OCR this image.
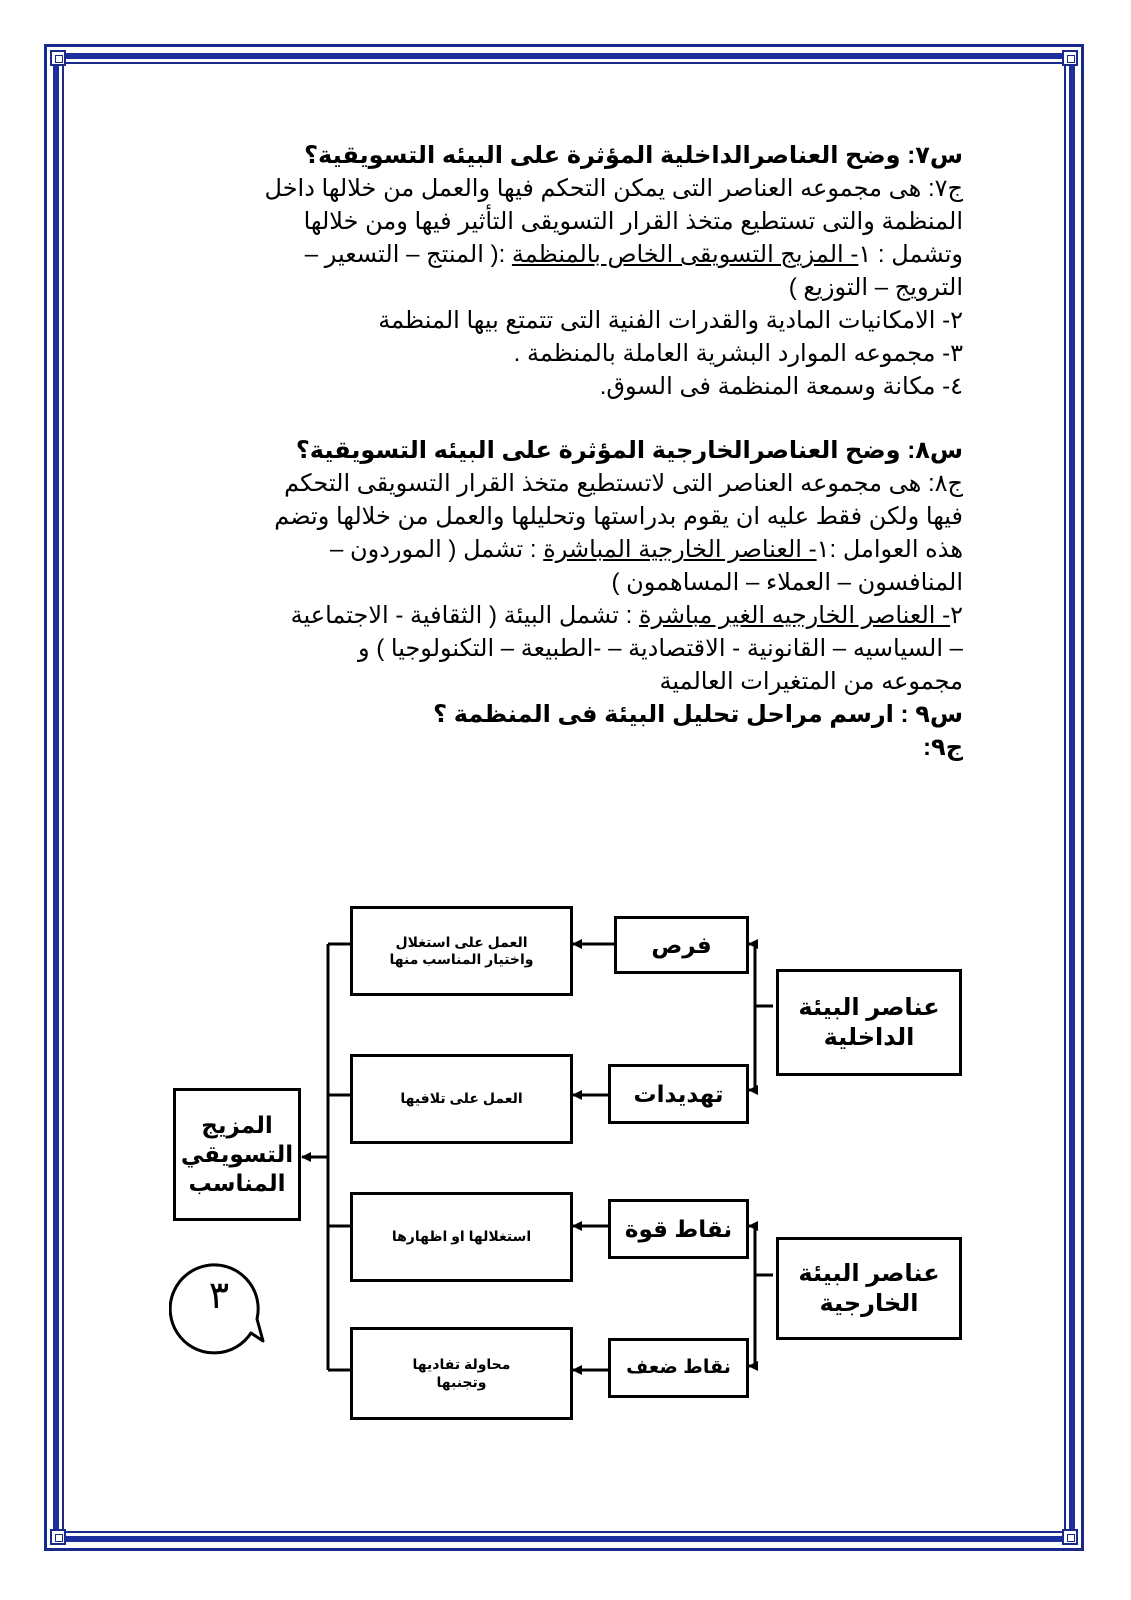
س٧: وضح العناصرالداخلية المؤثرة على البيئه التسويقية؟
ج٧: هى مجموعه العناصر التى يمكن التحكم فيها والعمل من خلالها داخل
المنظمة والتى تستطيع متخذ القرار التسويقى التأثير فيها ومن خلالها
وتشمل : ١- المزيج التسويقى الخاص بالمنظمة :( المنتج – التسعير –
الترويج – التوزيع )
٢- الامكانيات المادية والقدرات الفنية التى تتمتع بيها المنظمة
٣- مجموعه الموارد البشرية العاملة بالمنظمة .
٤- مكانة وسمعة المنظمة فى السوق.
س٨: وضح العناصرالخارجية المؤثرة على البيئه التسويقية؟
ج٨: هى مجموعه العناصر التى لاتستطيع متخذ القرار التسويقى التحكم
فيها ولكن فقط عليه ان يقوم بدراستها وتحليلها والعمل من خلالها وتضم
هذه العوامل :١- العناصر الخارجية المباشرة : تشمل ( الموردون –
المنافسون – العملاء – المساهمون )
٢- العناصر الخارجيه الغير مباشرة : تشمل البيئة ( الثقافية - الاجتماعية
– السياسيه – القانونية - الاقتصادية – -الطبيعة – التكنولوجيا ) و
مجموعه من المتغيرات العالمية
س٩ : ارسم مراحل تحليل البيئة فى المنظمة ؟
ج٩:
عناصر البيئة الداخلية
عناصر البيئة الخارجية
فرص
تهديدات
نقاط قوة
نقاط ضعف
العمل على استغلال واختيار المناسب منها
العمل على تلافيها
استغلالها او اظهارها
محاولة تفاديها وتجنبها
المزيج التسويقي المناسب
٣
